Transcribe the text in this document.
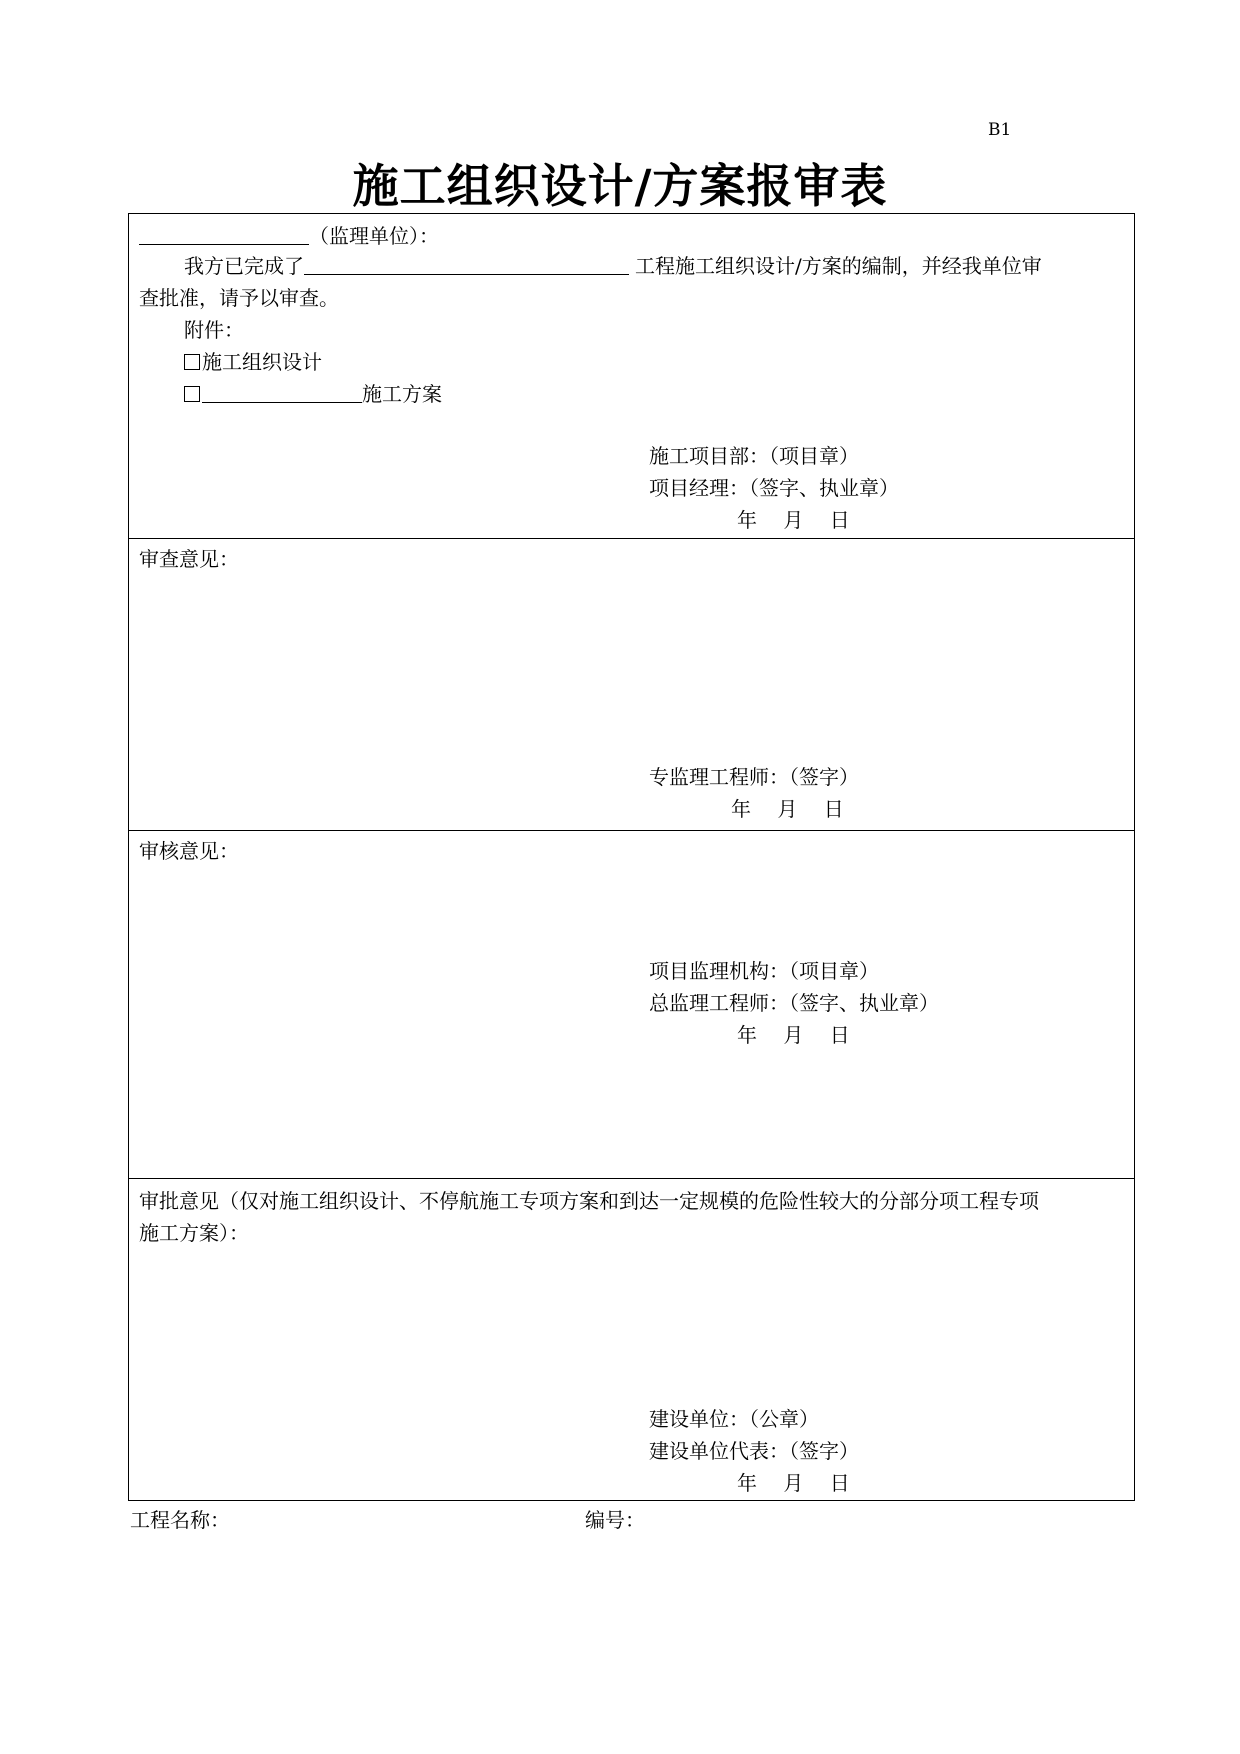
B1
施工组织设计/方案报审表
（监理单位）：
我方已完成了	工程施工组织设计/方案的编制，并经我单位审
查批准，请予以审查。
附件：
施工组织设计
施工方案
施工项目部：（项目章）
项目经理：（签字、执业章）
年　 月　 日
审查意见：
专监理工程师：（签字）
年　 月　 日
审核意见：
项目监理机构：（项目章）
总监理工程师：（签字、执业章）
年　 月　 日
审批意见（仅对施工组织设计、不停航施工专项方案和到达一定规模的危险性较大的分部分项工程专项
施工方案）：
建设单位：（公章）
建设单位代表：（签字）
年　 月　 日
工程名称：	编号：
